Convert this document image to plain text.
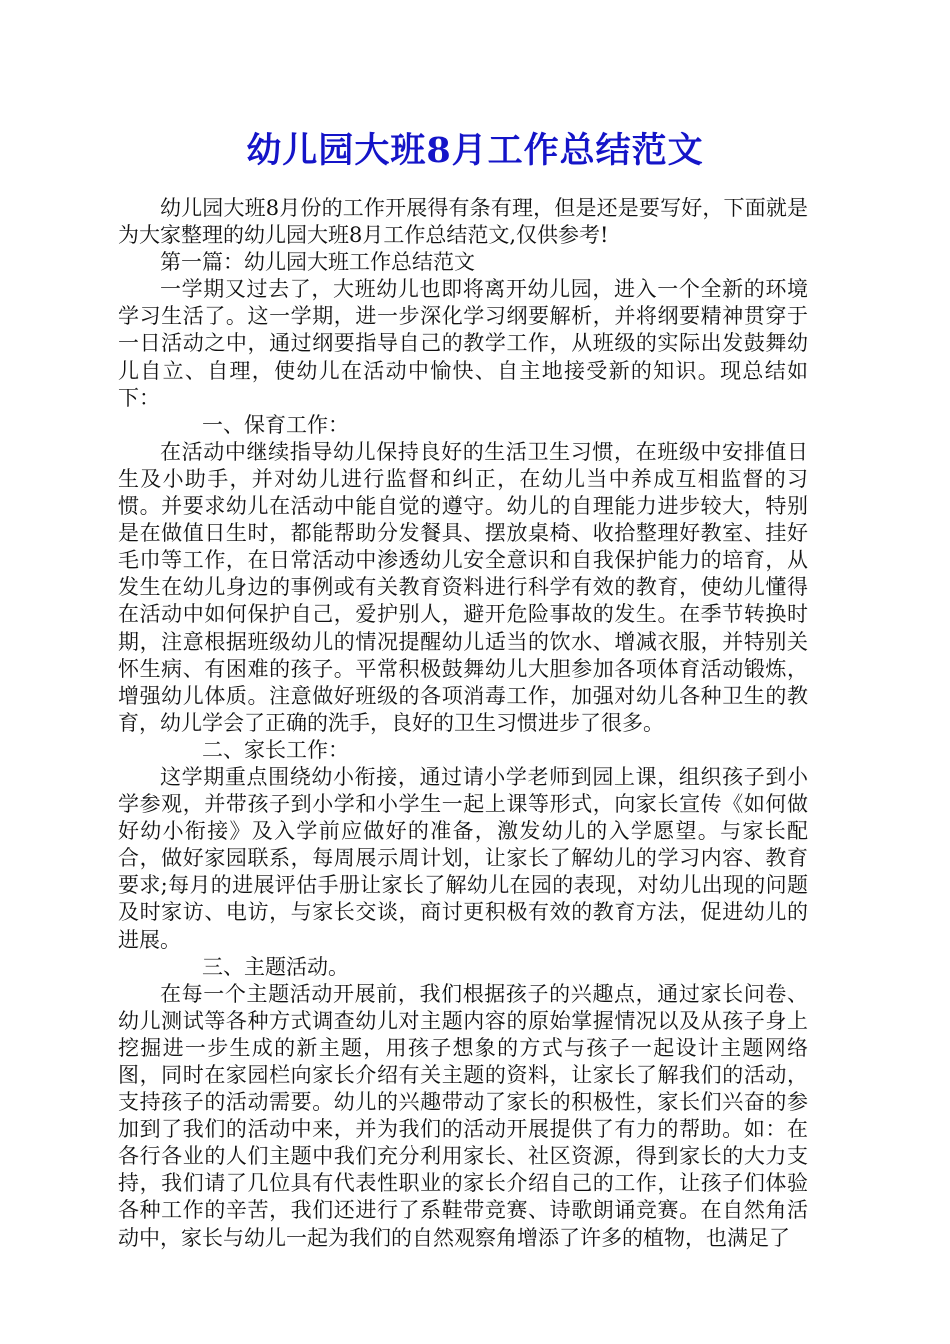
幼儿园大班8月工作总结范文

幼儿园大班8月份的工作开展得有条有理，但是还是要写好，下面就是为大家整理的幼儿园大班8月工作总结范文,仅供参考!

第一篇：幼儿园大班工作总结范文

一学期又过去了，大班幼儿也即将离开幼儿园，进入一个全新的环境学习生活了。这一学期，进一步深化学习纲要解析，并将纲要精神贯穿于一日活动之中，通过纲要指导自己的教学工作，从班级的实际出发鼓舞幼儿自立、自理，使幼儿在活动中愉快、自主地接受新的知识。现总结如下：

一、保育工作：

在活动中继续指导幼儿保持良好的生活卫生习惯，在班级中安排值日生及小助手，并对幼儿进行监督和纠正，在幼儿当中养成互相监督的习惯。并要求幼儿在活动中能自觉的遵守。幼儿的自理能力进步较大，特别是在做值日生时，都能帮助分发餐具、摆放桌椅、收拾整理好教室、挂好毛巾等工作，在日常活动中渗透幼儿安全意识和自我保护能力的培育，从发生在幼儿身边的事例或有关教育资料进行科学有效的教育，使幼儿懂得在活动中如何保护自己，爱护别人，避开危险事故的发生。在季节转换时期，注意根据班级幼儿的情况提醒幼儿适当的饮水、增减衣服，并特别关怀生病、有困难的孩子。平常积极鼓舞幼儿大胆参加各项体育活动锻炼，增强幼儿体质。注意做好班级的各项消毒工作，加强对幼儿各种卫生的教育，幼儿学会了正确的洗手，良好的卫生习惯进步了很多。

二、家长工作：

这学期重点围绕幼小衔接，通过请小学老师到园上课，组织孩子到小学参观，并带孩子到小学和小学生一起上课等形式，向家长宣传《如何做好幼小衔接》及入学前应做好的准备，激发幼儿的入学愿望。与家长配合，做好家园联系，每周展示周计划，让家长了解幼儿的学习内容、教育要求;每月的进展评估手册让家长了解幼儿在园的表现，对幼儿出现的问题及时家访、电访，与家长交谈，商讨更积极有效的教育方法，促进幼儿的进展。

三、主题活动。

在每一个主题活动开展前，我们根据孩子的兴趣点，通过家长问卷、幼儿测试等各种方式调查幼儿对主题内容的原始掌握情况以及从孩子身上挖掘进一步生成的新主题，用孩子想象的方式与孩子一起设计主题网络图，同时在家园栏向家长介绍有关主题的资料，让家长了解我们的活动，支持孩子的活动需要。幼儿的兴趣带动了家长的积极性，家长们兴奋的参加到了我们的活动中来，并为我们的活动开展提供了有力的帮助。如：在各行各业的人们主题中我们充分利用家长、社区资源，得到家长的大力支持，我们请了几位具有代表性职业的家长介绍自己的工作，让孩子们体验各种工作的辛苦，我们还进行了系鞋带竞赛、诗歌朗诵竞赛。在自然角活动中，家长与幼儿一起为我们的自然观察角增添了许多的植物，也满足了
